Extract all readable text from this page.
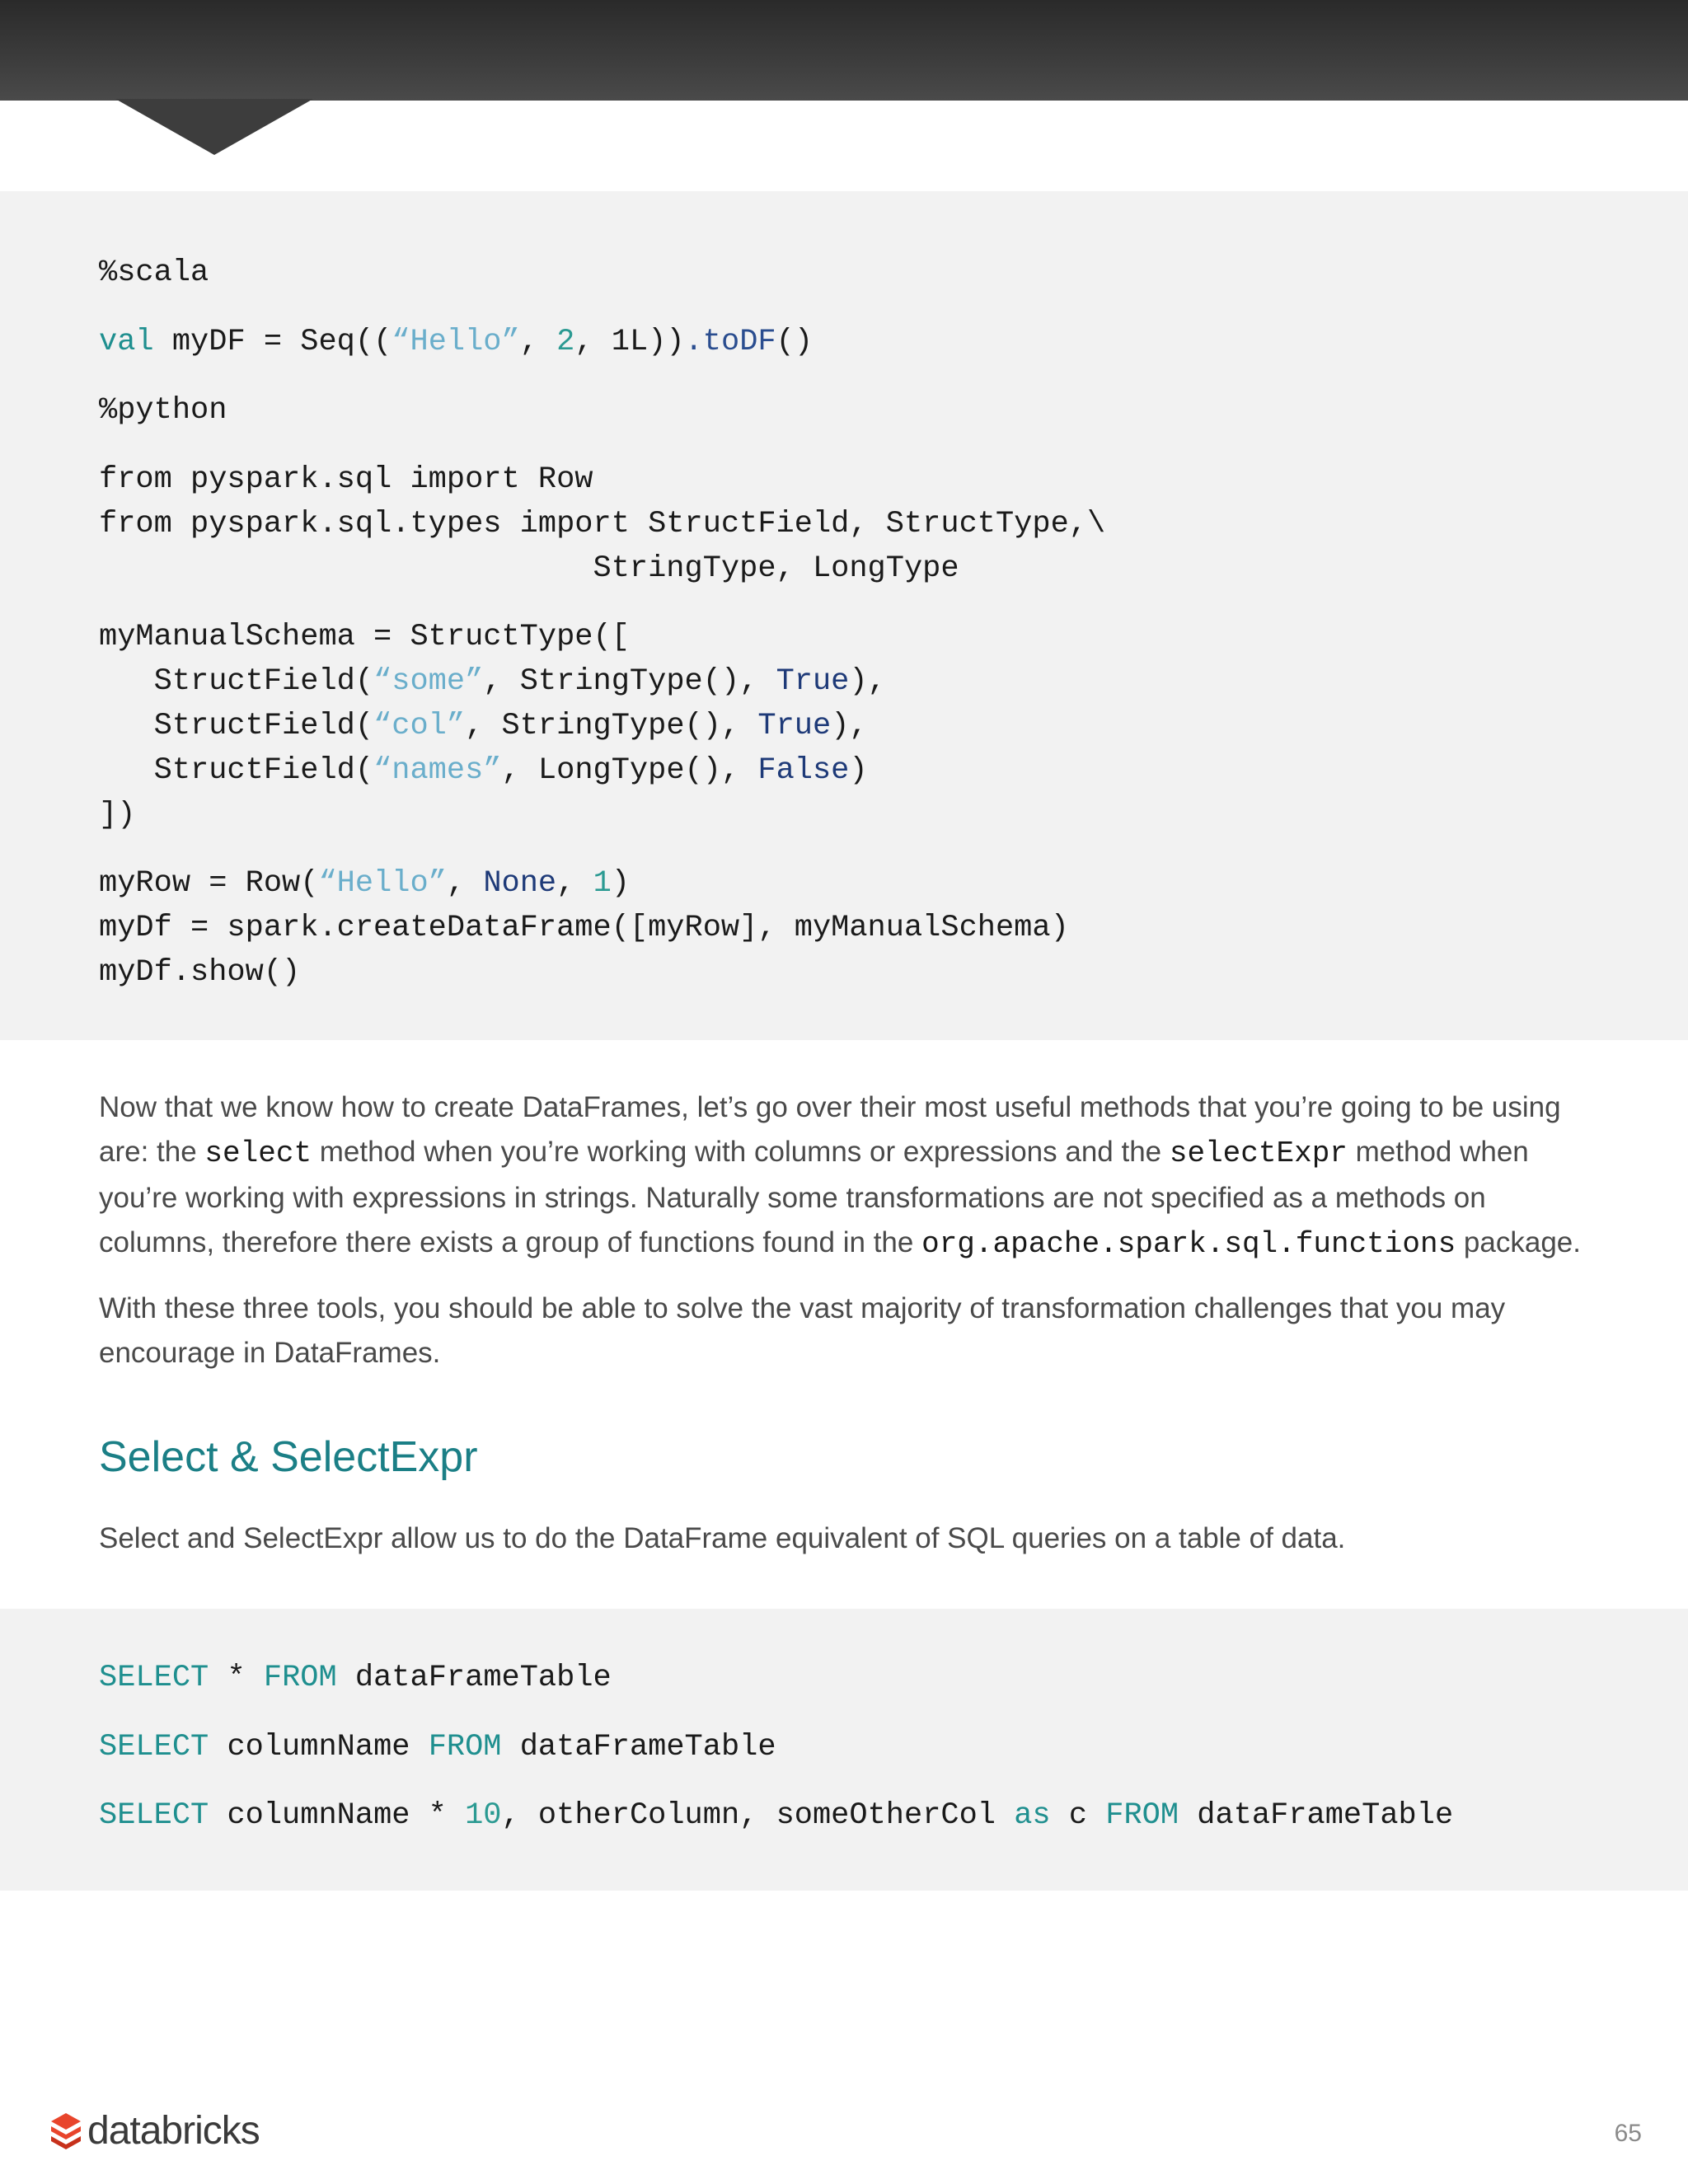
%scala
val myDF = Seq((“Hello”, 2, 1L)).toDF()
%python
from pyspark.sql import Row
from pyspark.sql.types import StructField, StructType,\
StringType, LongType
myManualSchema = StructType([
StructField(“some”, StringType(), True),
StructField(“col”, StringType(), True),
StructField(“names”, LongType(), False)
])
myRow = Row(“Hello”, None, 1)
myDf = spark.createDataFrame([myRow], myManualSchema)
myDf.show()
Now that we know how to create DataFrames, let’s go over their most useful methods that you’re going to be using are: the select method when you’re working with columns or expressions and the selectExpr method when you’re working with expressions in strings. Naturally some transformations are not specified as a methods on columns, therefore there exists a group of functions found in the org.apache.spark.sql.functions package.
With these three tools, you should be able to solve the vast majority of transformation challenges that you may encourage in DataFrames.
Select & SelectExpr
Select and SelectExpr allow us to do the DataFrame equivalent of SQL queries on a table of data.
SELECT * FROM dataFrameTable
SELECT columnName FROM dataFrameTable
SELECT columnName * 10, otherColumn, someOtherCol as c FROM dataFrameTable
databricks	65
